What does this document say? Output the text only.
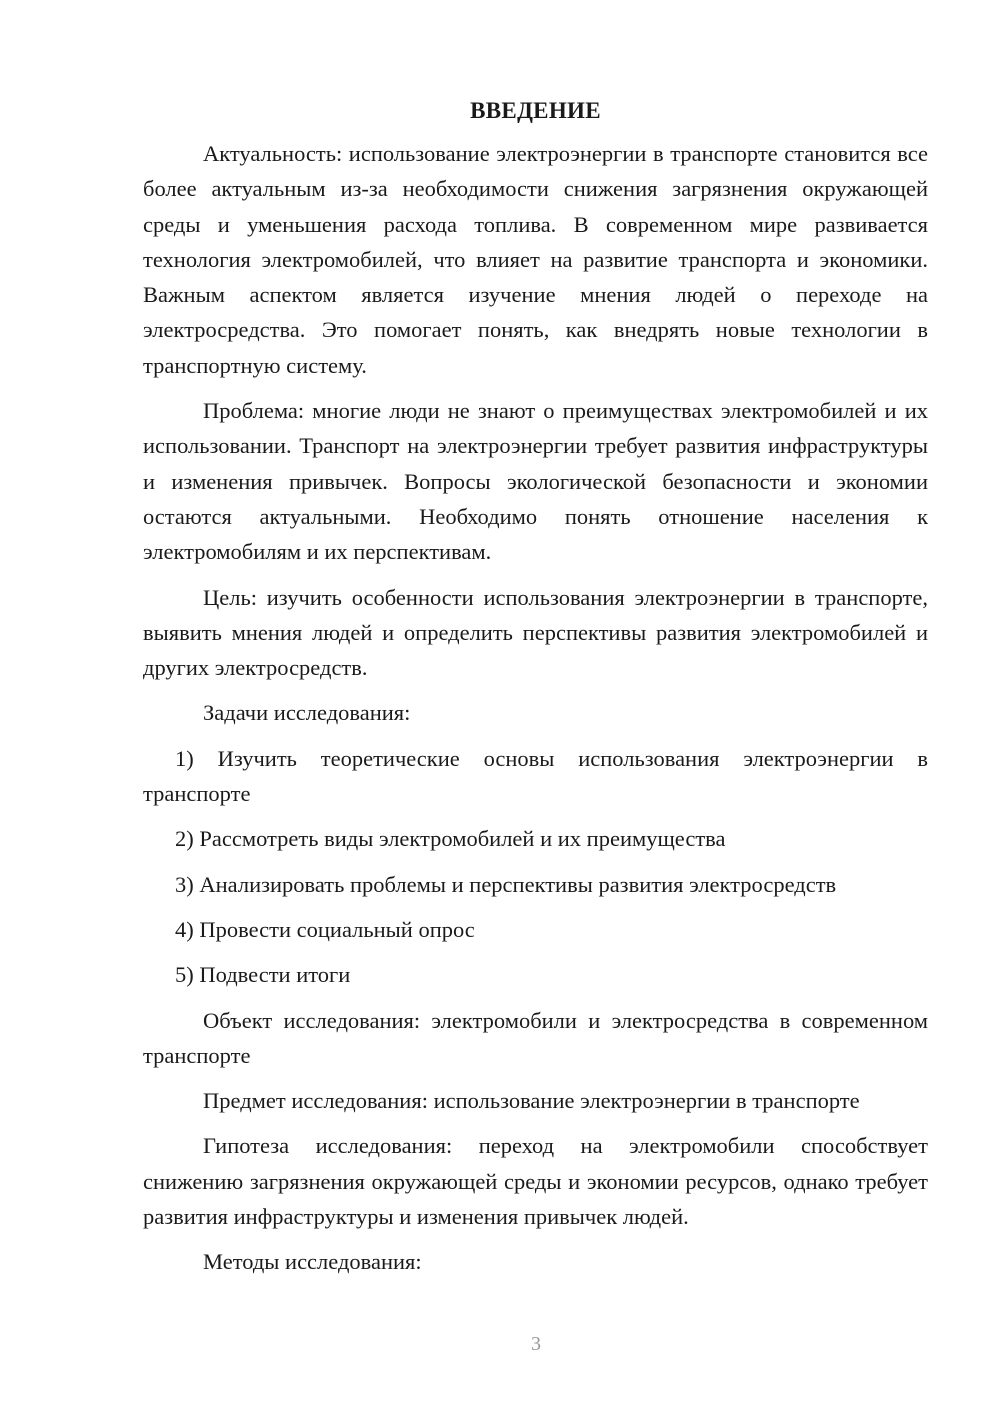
ВВЕДЕНИЕ

Актуальность: использование электроэнергии в транспорте становится все более актуальным из-за необходимости снижения загрязнения окружающей среды и уменьшения расхода топлива. В современном мире развивается технология электромобилей, что влияет на развитие транспорта и экономики. Важным аспектом является изучение мнения людей о переходе на электросредства. Это помогает понять, как внедрять новые технологии в транспортную систему.

Проблема: многие люди не знают о преимуществах электромобилей и их использовании. Транспорт на электроэнергии требует развития инфраструктуры и изменения привычек. Вопросы экологической безопасности и экономии остаются актуальными. Необходимо понять отношение населения к электромобилям и их перспективам.

Цель: изучить особенности использования электроэнергии в транспорте, выявить мнения людей и определить перспективы развития электромобилей и других электросредств.

Задачи исследования:

1) Изучить теоретические основы использования электроэнергии в транспорте

2) Рассмотреть виды электромобилей и их преимущества

3) Анализировать проблемы и перспективы развития электросредств

4) Провести социальный опрос

5) Подвести итоги

Объект исследования: электромобили и электросредства в современном транспорте

Предмет исследования: использование электроэнергии в транспорте

Гипотеза исследования: переход на электромобили способствует снижению загрязнения окружающей среды и экономии ресурсов, однако требует развития инфраструктуры и изменения привычек людей.

Методы исследования:

3
